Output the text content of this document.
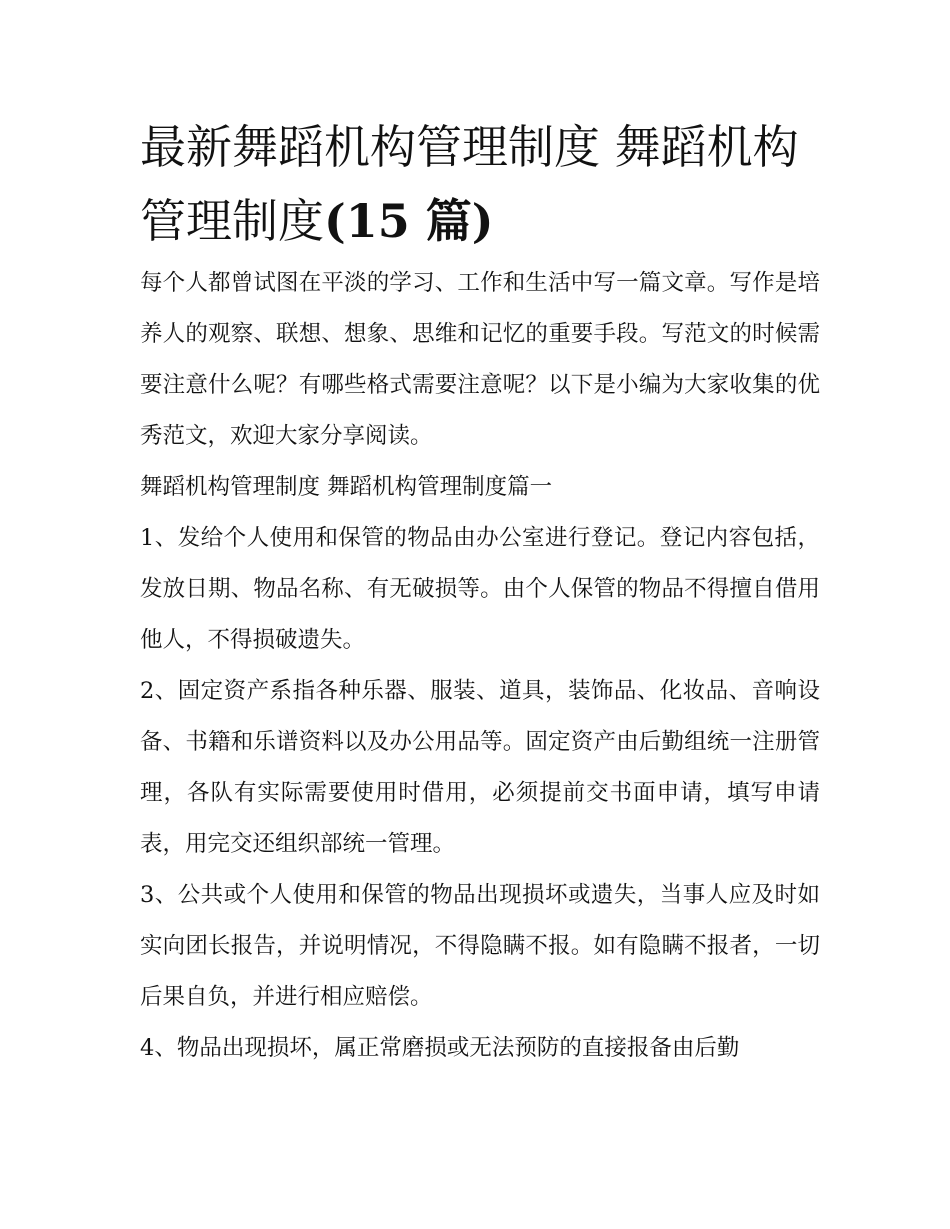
最新舞蹈机构管理制度 舞蹈机构管理制度(15 篇)

每个人都曾试图在平淡的学习、工作和生活中写一篇文章。写作是培养人的观察、联想、想象、思维和记忆的重要手段。写范文的时候需要注意什么呢？有哪些格式需要注意呢？以下是小编为大家收集的优秀范文，欢迎大家分享阅读。

舞蹈机构管理制度 舞蹈机构管理制度篇一

1、发给个人使用和保管的物品由办公室进行登记。登记内容包括，发放日期、物品名称、有无破损等。由个人保管的物品不得擅自借用他人，不得损破遗失。

2、固定资产系指各种乐器、服装、道具，装饰品、化妆品、音响设备、书籍和乐谱资料以及办公用品等。固定资产由后勤组统一注册管理，各队有实际需要使用时借用，必须提前交书面申请，填写申请表，用完交还组织部统一管理。

3、公共或个人使用和保管的物品出现损坏或遗失，当事人应及时如实向团长报告，并说明情况，不得隐瞒不报。如有隐瞒不报者，一切后果自负，并进行相应赔偿。

4、物品出现损坏，属正常磨损或无法预防的直接报备由后勤
